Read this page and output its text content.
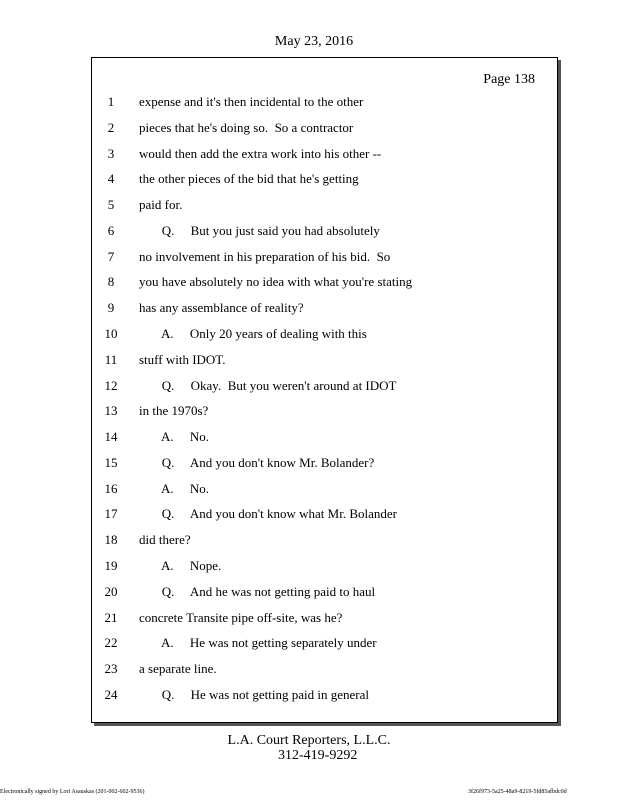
May 23, 2016
Page 138
1	expense and it's then incidental to the other
2	pieces that he's doing so.  So a contractor
3	would then add the extra work into his other --
4	the other pieces of the bid that he's getting
5	paid for.
6	Q.     But you just said you had absolutely
7	no involvement in his preparation of his bid.  So
8	you have absolutely no idea with what you're stating
9	has any assemblance of reality?
10	A.     Only 20 years of dealing with this
11	stuff with IDOT.
12	Q.     Okay.  But you weren't around at IDOT
13	in the 1970s?
14	A.     No.
15	Q.     And you don't know Mr. Bolander?
16	A.     No.
17	Q.     And you don't know what Mr. Bolander
18	did there?
19	A.     Nope.
20	Q.     And he was not getting paid to haul
21	concrete Transite pipe off-site, was he?
22	A.     He was not getting separately under
23	a separate line.
24	Q.     He was not getting paid in general
L.A. Court Reporters, L.L.C.
312-419-9292
Electronically signed by Lori Asauskas (201-002-602-9536)	3f26f973-5a25-48a9-8219-5fd85afbdc0d
